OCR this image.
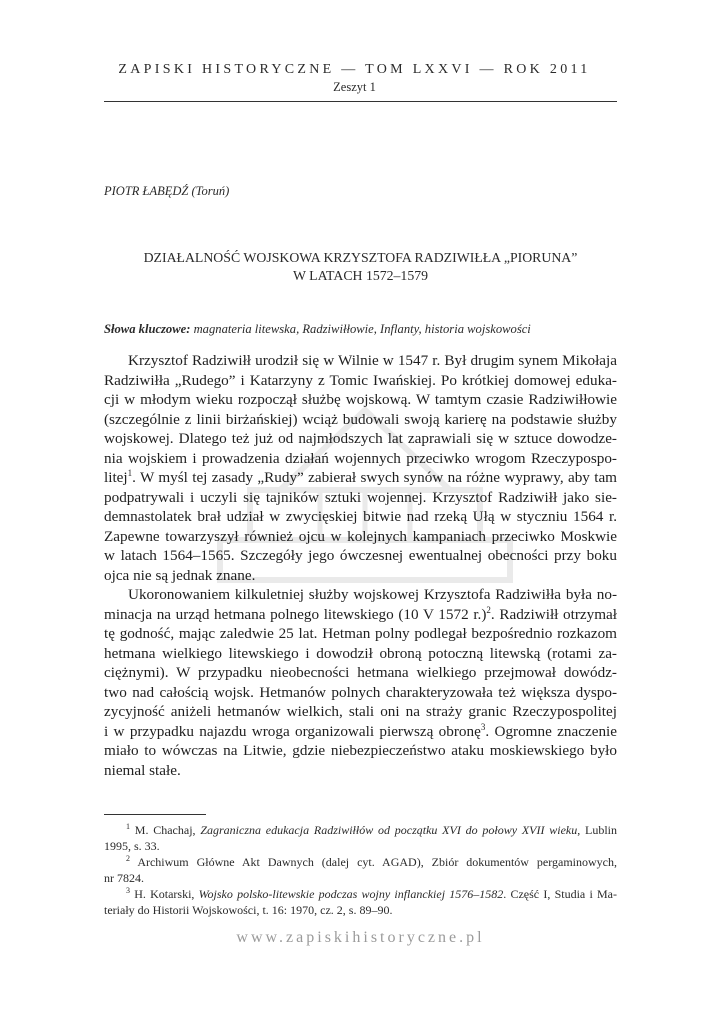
ZAPISKI HISTORYCZNE — TOM LXXVI — ROK 2011
Zeszyt 1
PIOTR ŁABĘDŹ (Toruń)
DZIAŁALNOŚĆ WOJSKOWA KRZYSZTOFA RADZIWIŁŁA „PIORUNA”
W LATACH 1572–1579
Słowa kluczowe: magnateria litewska, Radziwiłłowie, Inflanty, historia wojskowości
Krzysztof Radziwiłł urodził się w Wilnie w 1547 r. Był drugim synem Mikołaja
Radziwiłła „Rudego” i Katarzyny z Tomic Iwańskiej. Po krótkiej domowej eduka-
cji w młodym wieku rozpoczął służbę wojskową. W tamtym czasie Radziwiłłowie
(szczególnie z linii birżańskiej) wciąż budowali swoją karierę na podstawie służby
wojskowej. Dlatego też już od najmłodszych lat zaprawiali się w sztuce dowodze-
nia wojskiem i prowadzenia działań wojennych przeciwko wrogom Rzeczypospo-
litej$^1$. W myśl tej zasady „Rudy” zabierał swych synów na różne wyprawy, aby tam
podpatrywali i uczyli się tajników sztuki wojennej. Krzysztof Radziwiłł jako sie-
demnastolatek brał udział w zwycięskiej bitwie nad rzeką Ułą w styczniu 1564 r.
Zapewne towarzyszył również ojcu w kolejnych kampaniach przeciwko Moskwie
w latach 1564–1565. Szczegóły jego ówczesnej ewentualnej obecności przy boku
ojca nie są jednak znane.
Ukoronowaniem kilkuletniej służby wojskowej Krzysztofa Radziwiłła była no-
minacja na urząd hetmana polnego litewskiego (10 V 1572 r.)$^2$. Radziwiłł otrzymał
tę godność, mając zaledwie 25 lat. Hetman polny podlegał bezpośrednio rozkazom
hetmana wielkiego litewskiego i dowodził obroną potoczną litewską (rotami za-
ciężnymi). W przypadku nieobecności hetmana wielkiego przejmował dowódz-
two nad całością wojsk. Hetmanów polnych charakteryzowała też większa dyspo-
zycyjność aniżeli hetmanów wielkich, stali oni na straży granic Rzeczypospolitej
i w przypadku najazdu wroga organizowali pierwszą obronę$^3$. Ogromne znaczenie
miało to wówczas na Litwie, gdzie niebezpieczeństwo ataku moskiewskiego było
niemal stałe.
$^1$ M. Chachaj, Zagraniczna edukacja Radziwiłłów od początku XVI do połowy XVII wieku, Lublin
1995, s. 33.
$^2$ Archiwum Główne Akt Dawnych (dalej cyt. AGAD), Zbiór dokumentów pergaminowych,
nr 7824.
$^3$ H. Kotarski, Wojsko polsko-litewskie podczas wojny inflanckiej 1576–1582. Część I, Studia i Ma-
teriały do Historii Wojskowości, t. 16: 1970, cz. 2, s. 89–90.
www.zapiskihistoryczne.pl
